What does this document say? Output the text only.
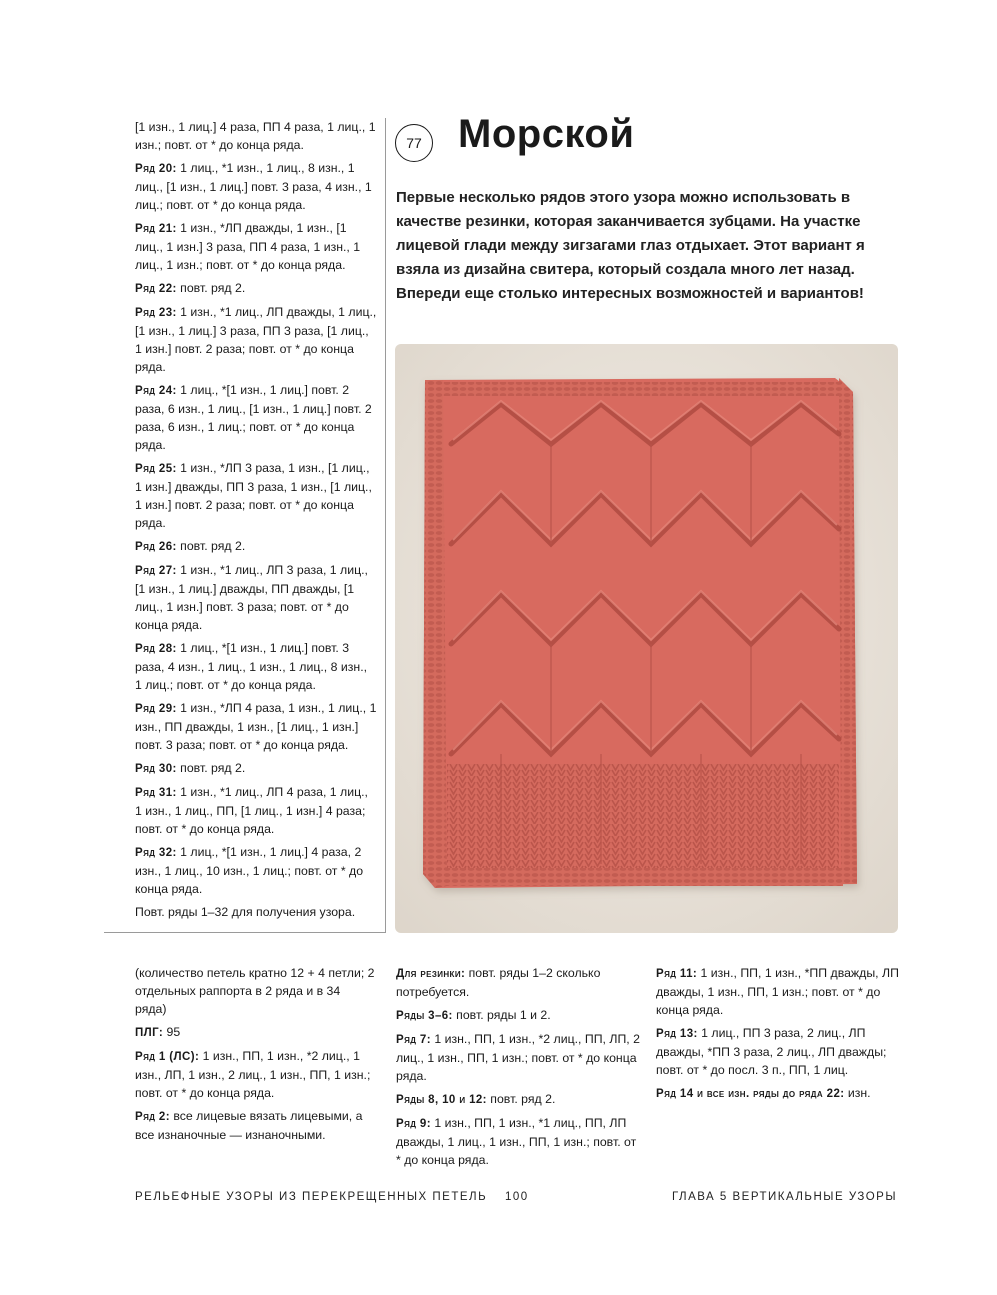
[1 изн., 1 лиц.] 4 раза, ПП 4 раза, 1 лиц., 1 изн.; повт. от * до конца ряда.

Ряд 20: 1 лиц., *1 изн., 1 лиц., 8 изн., 1 лиц., [1 изн., 1 лиц.] повт. 3 раза, 4 изн., 1 лиц.; повт. от * до конца ряда.

Ряд 21: 1 изн., *ЛП дважды, 1 изн., [1 лиц., 1 изн.] 3 раза, ПП 4 раза, 1 изн., 1 лиц., 1 изн.; повт. от * до конца ряда.

Ряд 22: повт. ряд 2.

Ряд 23: 1 изн., *1 лиц., ЛП дважды, 1 лиц., [1 изн., 1 лиц.] 3 раза, ПП 3 раза, [1 лиц., 1 изн.] повт. 2 раза; повт. от * до конца ряда.

Ряд 24: 1 лиц., *[1 изн., 1 лиц.] повт. 2 раза, 6 изн., 1 лиц., [1 изн., 1 лиц.] повт. 2 раза, 6 изн., 1 лиц.; повт. от * до конца ряда.

Ряд 25: 1 изн., *ЛП 3 раза, 1 изн., [1 лиц., 1 изн.] дважды, ПП 3 раза, 1 изн., [1 лиц., 1 изн.] повт. 2 раза; повт. от * до конца ряда.

Ряд 26: повт. ряд 2.

Ряд 27: 1 изн., *1 лиц., ЛП 3 раза, 1 лиц., [1 изн., 1 лиц.] дважды, ПП дважды, [1 лиц., 1 изн.] повт. 3 раза; повт. от * до конца ряда.

Ряд 28: 1 лиц., *[1 изн., 1 лиц.] повт. 3 раза, 4 изн., 1 лиц., 1 изн., 1 лиц., 8 изн., 1 лиц.; повт. от * до конца ряда.

Ряд 29: 1 изн., *ЛП 4 раза, 1 изн., 1 лиц., 1 изн., ПП дважды, 1 изн., [1 лиц., 1 изн.] повт. 3 раза; повт. от * до конца ряда.

Ряд 30: повт. ряд 2.

Ряд 31: 1 изн., *1 лиц., ЛП 4 раза, 1 лиц., 1 изн., 1 лиц., ПП, [1 лиц., 1 изн.] 4 раза; повт. от * до конца ряда.

Ряд 32: 1 лиц., *[1 изн., 1 лиц.] 4 раза, 2 изн., 1 лиц., 10 изн., 1 лиц.; повт. от * до конца ряда.

Повт. ряды 1–32 для получения узора.

77 Морской

Первые несколько рядов этого узора можно использовать в качестве резинки, которая заканчивается зубцами. На участке лицевой глади между зигзагами глаз отдыхает. Этот вариант я взяла из дизайна свитера, который создала много лет назад. Впереди еще столько интересных возможностей и вариантов!

(количество петель кратно 12 + 4 петли; 2 отдельных раппорта в 2 ряда и в 34 ряда)

ПЛГ: 95

Ряд 1 (ЛС): 1 изн., ПП, 1 изн., *2 лиц., 1 изн., ЛП, 1 изн., 2 лиц., 1 изн., ПП, 1 изн.; повт. от * до конца ряда.

Ряд 2: все лицевые вязать лицевыми, а все изнаночные — изнаночными.

Для резинки: повт. ряды 1–2 сколько потребуется.

Ряды 3–6: повт. ряды 1 и 2.

Ряд 7: 1 изн., ПП, 1 изн., *2 лиц., ПП, ЛП, 2 лиц., 1 изн., ПП, 1 изн.; повт. от * до конца ряда.

Ряды 8, 10 и 12: повт. ряд 2.

Ряд 9: 1 изн., ПП, 1 изн., *1 лиц., ПП, ЛП дважды, 1 лиц., 1 изн., ПП, 1 изн.; повт. от * до конца ряда.

Ряд 11: 1 изн., ПП, 1 изн., *ПП дважды, ЛП дважды, 1 изн., ПП, 1 изн.; повт. от * до конца ряда.

Ряд 13: 1 лиц., ПП 3 раза, 2 лиц., ЛП дважды, *ПП 3 раза, 2 лиц., ЛП дважды; повт. от * до посл. 3 п., ПП, 1 лиц.

Ряд 14 и все изн. ряды до ряда 22: изн.

РЕЛЬЕФНЫЕ УЗОРЫ ИЗ ПЕРЕКРЕЩЕННЫХ ПЕТЕЛЬ 100	ГЛАВА 5 ВЕРТИКАЛЬНЫЕ УЗОРЫ
